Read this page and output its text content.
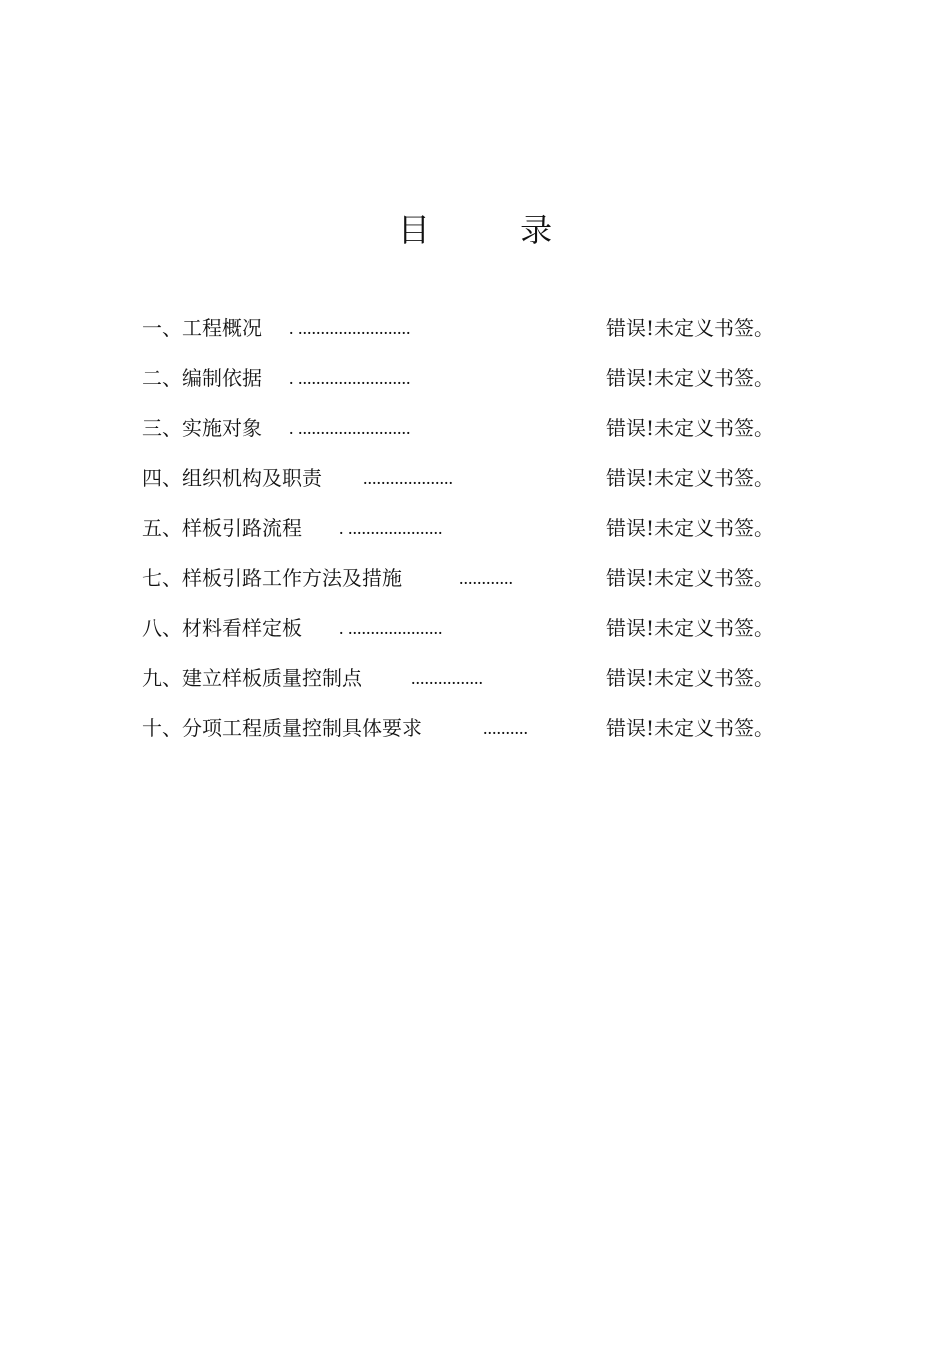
目 录
一、工程概况 . .........................	错误!未定义书签。
二、编制依据 . .........................	错误!未定义书签。
三、实施对象 . .........................	错误!未定义书签。
四、组织机构及职责 ....................	错误!未定义书签。
五、样板引路流程 . .....................	错误!未定义书签。
七、样板引路工作方法及措施	............	错误!未定义书签。
八、材料看样定板 . .....................	错误!未定义书签。
九、建立样板质量控制点	................	错误!未定义书签。
十、分项工程质量控制具体要求	..........	错误!未定义书签。
